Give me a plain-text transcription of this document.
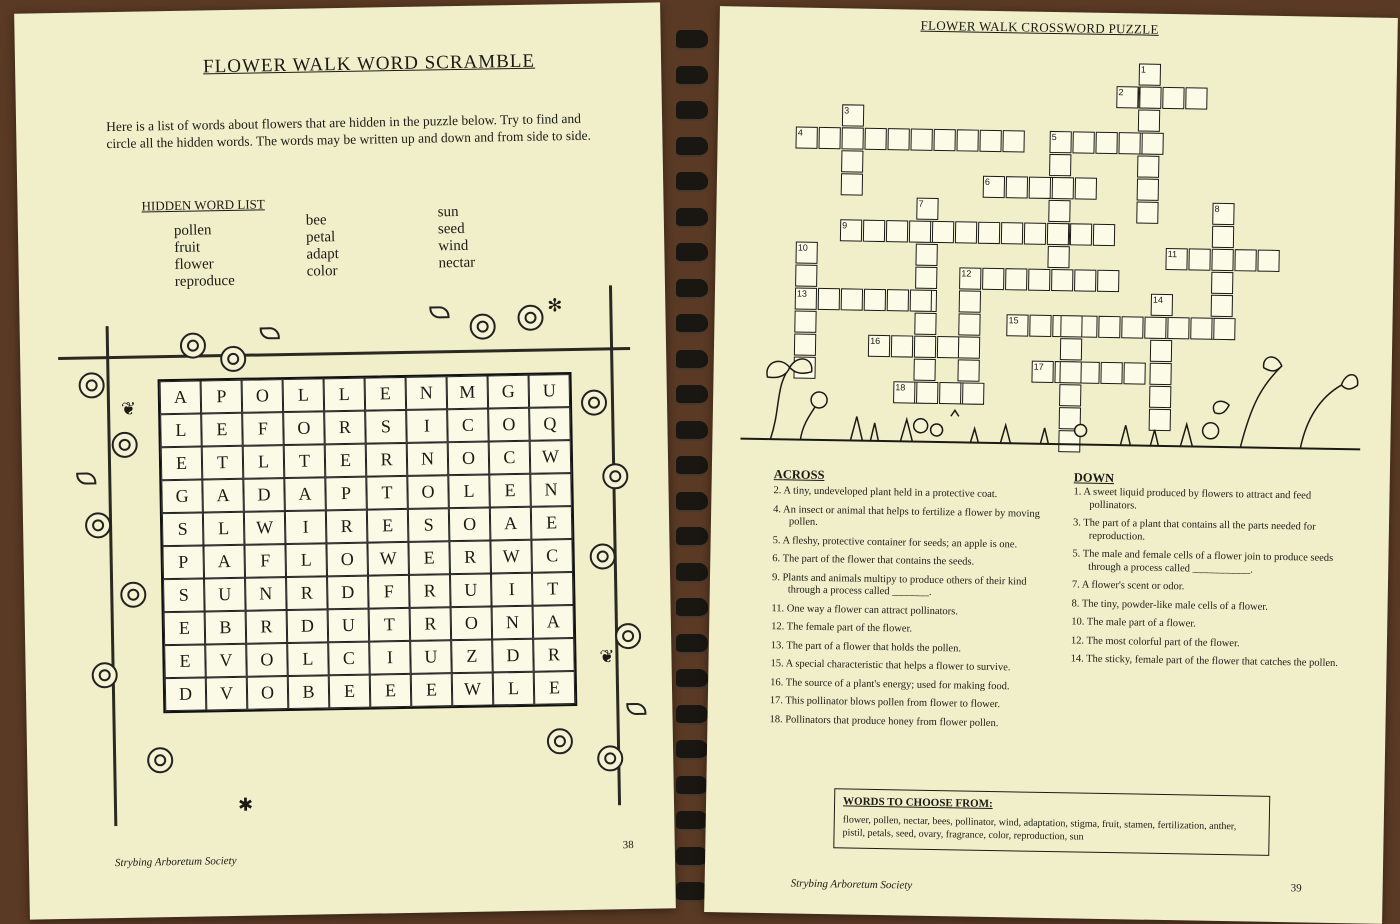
FLOWER WALK WORD SCRAMBLE
Here is a list of words about flowers that are hidden in the puzzle below. Try to find and circle all the hidden words. The words may be written up and down and from side to side.
HIDDEN WORD LIST
pollen
fruit
flower
reproduce
bee
petal
adapt
color
sun
seed
wind
nectar
❦
✻
❦
✱
A	P	O	L	L	E	N	M	G	U
L	E	F	O	R	S	I	C	O	Q
E	T	L	T	E	R	N	O	C	W
G	A	D	A	P	T	O	L	E	N
S	L	W	I	R	E	S	O	A	E
P	A	F	L	O	W	E	R	W	C
S	U	N	R	D	F	R	U	I	T
E	B	R	D	U	T	R	O	N	A
E	V	O	L	C	I	U	Z	D	R
D	V	O	B	E	E	E	W	L	E
Strybing Arboretum Society
38
FLOWER WALK CROSSWORD PUZZLE
1
2
3
4	5
6
7
8
9
10
11
12
13
14
15
16
17
18
ACROSS	DOWN
2. A tiny, undeveloped plant held in a protective coat.
4. An insect or animal that helps to fertilize a flower by moving pollen.
5. A fleshy, protective container for seeds; an apple is one.
6. The part of the flower that contains the seeds.
9. Plants and animals multipy to produce others of their kind through a process called _______.
11. One way a flower can attract pollinators.
12. The female part of the flower.
13. The part of a flower that holds the pollen.
15. A special characteristic that helps a flower to survive.
16. The source of a plant's energy; used for making food.
17. This pollinator blows pollen from flower to flower.
18. Pollinators that produce honey from flower pollen.
1. A sweet liquid produced by flowers to attract and feed pollinators.
3. The part of a plant that contains all the parts needed for reproduction.
5. The male and female cells of a flower join to produce seeds through a process called ___________.
7. A flower's scent or odor.
8. The tiny, powder-like male cells of a flower.
10. The male part of a flower.
12. The most colorful part of the flower.
14. The sticky, female part of the flower that catches the pollen.
WORDS TO CHOOSE FROM:
flower, pollen, nectar, bees, pollinator, wind, adaptation, stigma, fruit, stamen, fertilization, anther, pistil, petals, seed, ovary, fragrance, color, reproduction, sun
Strybing Arboretum Society	39
